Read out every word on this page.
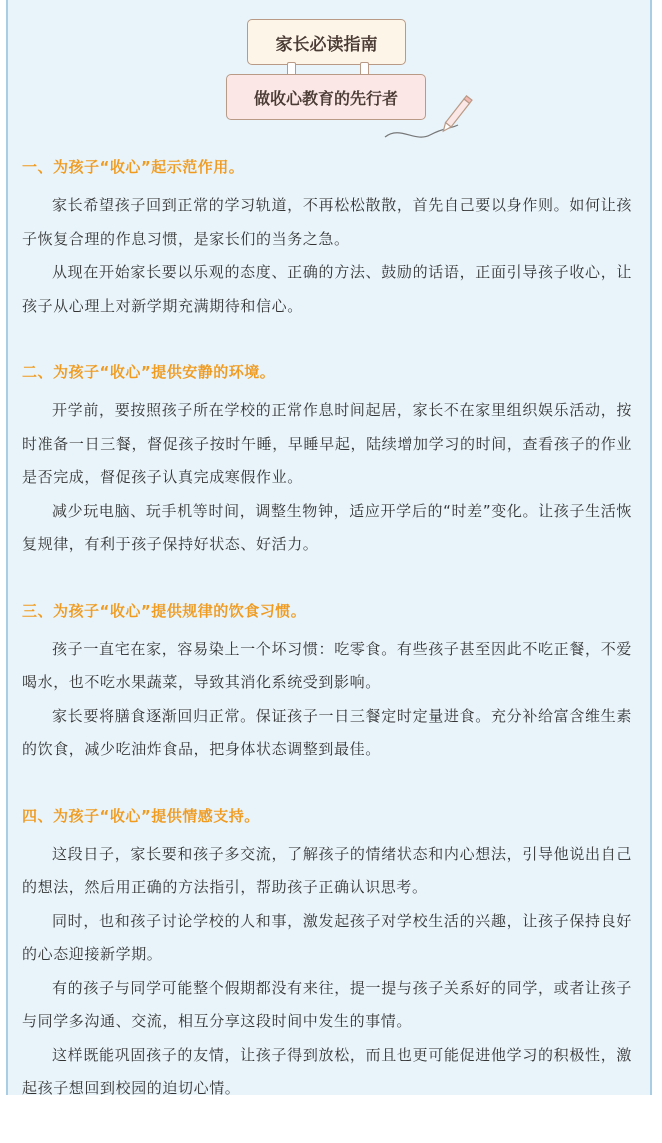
家长必读指南
做收心教育的先行者

一、为孩子“收心”起示范作用。

家长希望孩子回到正常的学习轨道，不再松松散散，首先自己要以身作则。如何让孩子恢复合理的作息习惯，是家长们的当务之急。

从现在开始家长要以乐观的态度、正确的方法、鼓励的话语，正面引导孩子收心，让孩子从心理上对新学期充满期待和信心。

二、为孩子“收心”提供安静的环境。

开学前，要按照孩子所在学校的正常作息时间起居，家长不在家里组织娱乐活动，按时准备一日三餐，督促孩子按时午睡，早睡早起，陆续增加学习的时间，查看孩子的作业是否完成，督促孩子认真完成寒假作业。

减少玩电脑、玩手机等时间，调整生物钟，适应开学后的“时差”变化。让孩子生活恢复规律，有利于孩子保持好状态、好活力。

三、为孩子“收心”提供规律的饮食习惯。

孩子一直宅在家，容易染上一个坏习惯：吃零食。有些孩子甚至因此不吃正餐，不爱喝水，也不吃水果蔬菜，导致其消化系统受到影响。

家长要将膳食逐渐回归正常。保证孩子一日三餐定时定量进食。充分补给富含维生素的饮食，减少吃油炸食品，把身体状态调整到最佳。

四、为孩子“收心”提供情感支持。

这段日子，家长要和孩子多交流，了解孩子的情绪状态和内心想法，引导他说出自己的想法，然后用正确的方法指引，帮助孩子正确认识思考。

同时，也和孩子讨论学校的人和事，激发起孩子对学校生活的兴趣，让孩子保持良好的心态迎接新学期。

有的孩子与同学可能整个假期都没有来往，提一提与孩子关系好的同学，或者让孩子与同学多沟通、交流，相互分享这段时间中发生的事情。

这样既能巩固孩子的友情，让孩子得到放松，而且也更可能促进他学习的积极性，激起孩子想回到校园的迫切心情。
